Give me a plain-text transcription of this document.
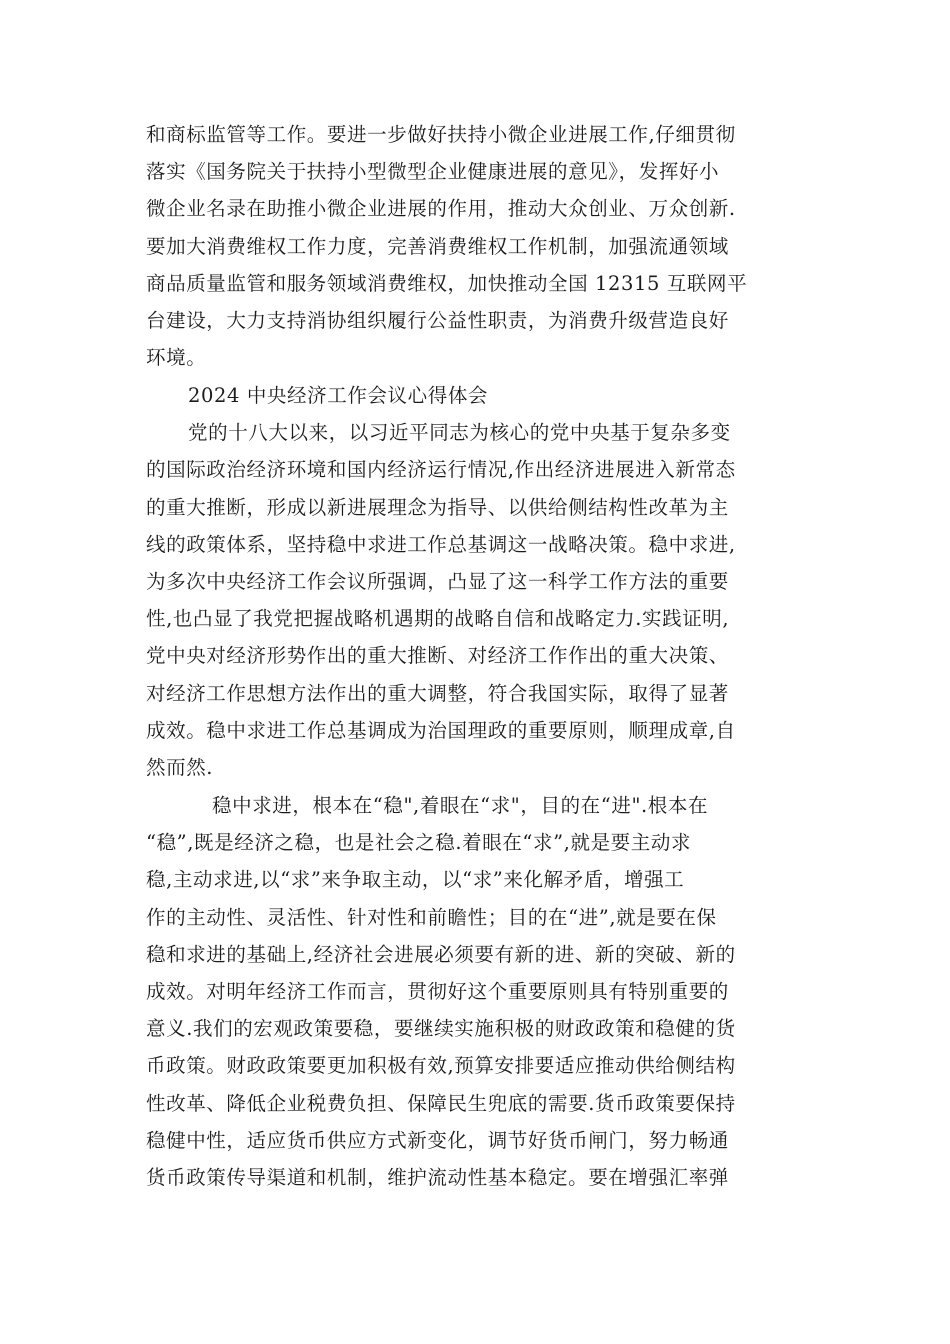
和商标监管等工作。要进一步做好扶持小微企业进展工作,仔细贯彻
落实《国务院关于扶持小型微型企业健康进展的意见》，发挥好小
微企业名录在助推小微企业进展的作用，推动大众创业、万众创新.
要加大消费维权工作力度，完善消费维权工作机制，加强流通领域
商品质量监管和服务领域消费维权，加快推动全国 12315 互联网平
台建设，大力支持消协组织履行公益性职责，为消费升级营造良好
环境。
2024 中央经济工作会议心得体会
党的十八大以来，以习近平同志为核心的党中央基于复杂多变
的国际政治经济环境和国内经济运行情况,作出经济进展进入新常态
的重大推断，形成以新进展理念为指导、以供给侧结构性改革为主
线的政策体系，坚持稳中求进工作总基调这一战略决策。稳中求进,
为多次中央经济工作会议所强调，凸显了这一科学工作方法的重要
性,也凸显了我党把握战略机遇期的战略自信和战略定力.实践证明,
党中央对经济形势作出的重大推断、对经济工作作出的重大决策、
对经济工作思想方法作出的重大调整，符合我国实际，取得了显著
成效。稳中求进工作总基调成为治国理政的重要原则，顺理成章,自
然而然.
稳中求进，根本在“稳",着眼在“求"，目的在“进".根本在
“稳”,既是经济之稳，也是社会之稳.着眼在“求”,就是要主动求
稳,主动求进,以“求”来争取主动，以“求”来化解矛盾，增强工
作的主动性、灵活性、针对性和前瞻性；目的在“进”,就是要在保
稳和求进的基础上,经济社会进展必须要有新的进、新的突破、新的
成效。对明年经济工作而言，贯彻好这个重要原则具有特别重要的
意义.我们的宏观政策要稳，要继续实施积极的财政政策和稳健的货
币政策。财政政策要更加积极有效,预算安排要适应推动供给侧结构
性改革、降低企业税费负担、保障民生兜底的需要.货币政策要保持
稳健中性，适应货币供应方式新变化，调节好货币闸门，努力畅通
货币政策传导渠道和机制，维护流动性基本稳定。要在增强汇率弹
